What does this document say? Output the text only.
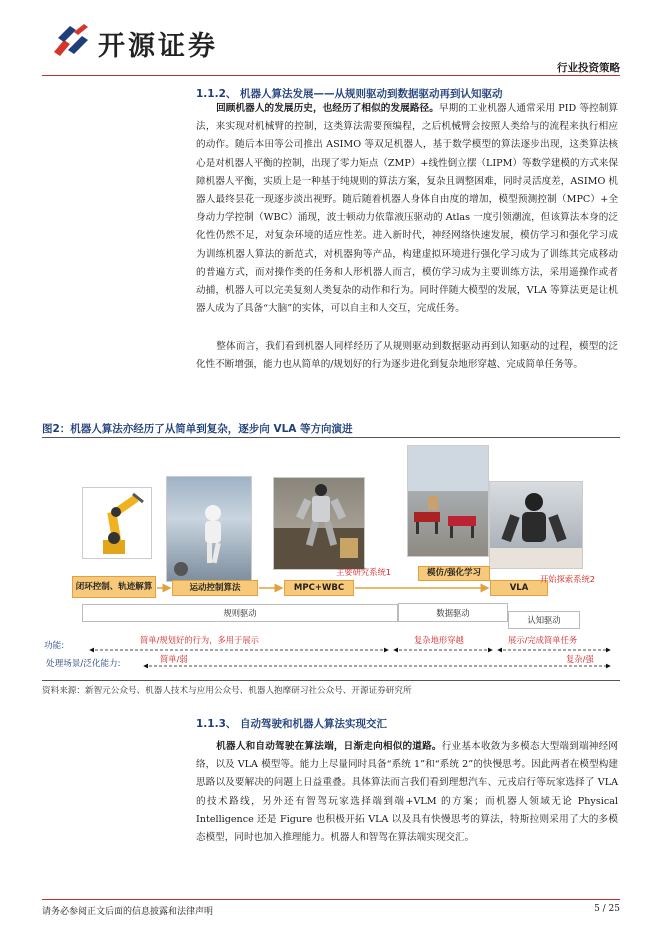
开源证券
行业投资策略
1.1.2、 机器人算法发展——从规则驱动到数据驱动再到认知驱动

回顾机器人的发展历史，也经历了相似的发展路径。早期的工业机器人通常采用 PID 等控制算法，来实现对机械臂的控制，这类算法需要预编程，之后机械臂会按照人类给与的流程来执行相应的动作。随后本田等公司推出 ASIMO 等双足机器人，基于数学模型的算法逐步出现，这类算法核心是对机器人平衡的控制，出现了零力矩点（ZMP）+线性倒立摆（LIPM）等数学建模的方式来保障机器人平衡，实质上是一种基于纯规则的算法方案，复杂且调整困难，同时灵活度差，ASIMO 机器人最终昙花一现逐步淡出视野。随后随着机器人身体自由度的增加，模型预测控制（MPC）+全身动力学控制（WBC）涌现，波士顿动力依靠液压驱动的 Atlas 一度引领潮流，但该算法本身的泛化性仍然不足，对复杂环境的适应性差。进入新时代，神经网络快速发展，模仿学习和强化学习成为训练机器人算法的新范式，对机器狗等产品，构建虚拟环境进行强化学习成为了训练其完成移动的普遍方式，而对操作类的任务和人形机器人而言，模仿学习成为主要训练方法，采用遥操作或者动捕，机器人可以完美复刻人类复杂的动作和行为。同时伴随大模型的发展，VLA 等算法更是让机器人成为了具备“大脑”的实体，可以自主和人交互，完成任务。

整体而言，我们看到机器人同样经历了从规则驱动到数据驱动再到认知驱动的过程，模型的泛化性不断增强，能力也从简单的/规划好的行为逐步进化到复杂地形穿越、完成简单任务等。

图2：机器人算法亦经历了从简单到复杂，逐步向 VLA 等方向演进
闭环控制、轨迹解算	运动控制算法	MPC+WBC
模仿/强化学习
VLA
主要研究系统1
开始探索系统2
规则驱动	数据驱动
认知驱动
功能:
简单/规划好的行为，多用于展示	复杂地形穿越	展示/完成简单任务
处理场景/泛化能力:	简单/弱	复杂/强
资料来源：新智元公众号、机器人技术与应用公众号、机器人抱摩研习社公众号、开源证券研究所
1.1.3、 自动驾驶和机器人算法实现交汇

机器人和自动驾驶在算法端，日渐走向相似的道路。行业基本收敛为多模态大型端到端神经网络，以及 VLA 模型等。能力上尽量同时具备“系统 1”和“系统 2”的快慢思考。因此两者在模型构建思路以及要解决的问题上日益重叠。具体算法而言我们看到理想汽车、元戎启行等玩家选择了 VLA 的技术路线，另外还有智驾玩家选择端到端+VLM 的方案；而机器人领域无论 Physical Intelligence 还是 Figure 也积极开拓 VLA 以及具有快慢思考的算法，特斯拉则采用了大的多模态模型，同时也加入推理能力。机器人和智驾在算法端实现交汇。

请务必参阅正文后面的信息披露和法律声明	5 / 25
